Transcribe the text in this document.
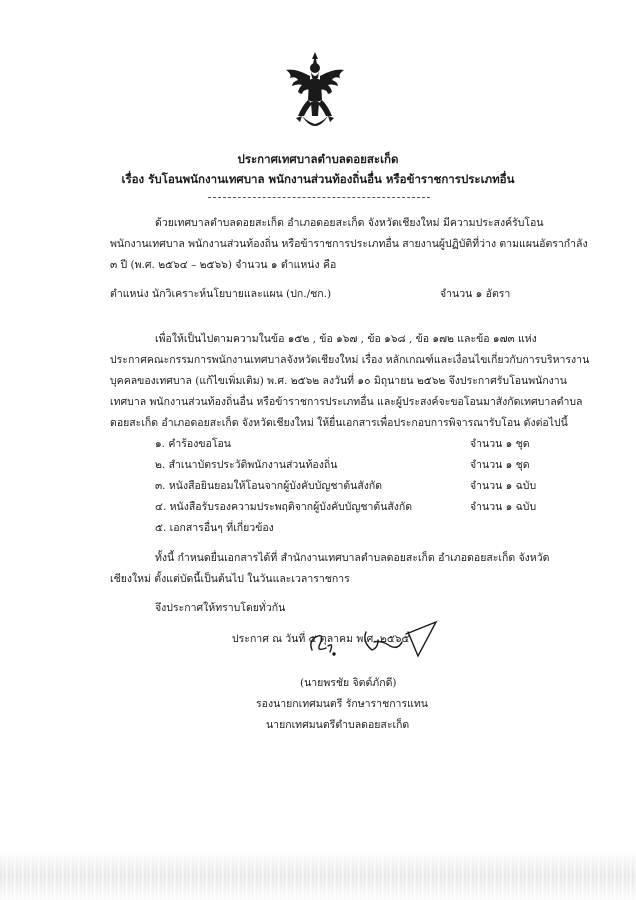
ประกาศเทศบาลตำบลดอยสะเก็ด
เรื่อง รับโอนพนักงานเทศบาล พนักงานส่วนท้องถิ่นอื่น หรือข้าราชการประเภทอื่น
ด้วยเทศบาลตำบลดอยสะเก็ด อำเภอดอยสะเก็ด จังหวัดเชียงใหม่ มีความประสงค์รับโอน
พนักงานเทศบาล พนักงานส่วนท้องถิ่น หรือข้าราชการประเภทอื่น สายงานผู้ปฏิบัติที่ว่าง ตามแผนอัตรากำลัง
๓ ปี (พ.ศ. ๒๕๖๔ – ๒๕๖๖) จำนวน ๑ ตำแหน่ง คือ
ตำแหน่ง นักวิเคราะห์นโยบายและแผน (ปก./ชก.)	จำนวน ๑ อัตรา
เพื่อให้เป็นไปตามความในข้อ ๑๕๒ , ข้อ ๑๖๗ , ข้อ ๑๖๘ , ข้อ ๑๗๒ และข้อ ๑๗๓ แห่ง
ประกาศคณะกรรมการพนักงานเทศบาลจังหวัดเชียงใหม่ เรื่อง หลักเกณฑ์และเงื่อนไขเกี่ยวกับการบริหารงาน
บุคคลของเทศบาล (แก้ไขเพิ่มเติม) พ.ศ. ๒๕๖๒ ลงวันที่ ๑๐ มิถุนายน ๒๕๖๒ จึงประกาศรับโอนพนักงาน
เทศบาล พนักงานส่วนท้องถิ่นอื่น หรือข้าราชการประเภทอื่น และผู้ประสงค์จะขอโอนมาสังกัดเทศบาลตำบล
ดอยสะเก็ด อำเภอดอยสะเก็ด จังหวัดเชียงใหม่ ให้ยื่นเอกสารเพื่อประกอบการพิจารณารับโอน ดังต่อไปนี้
๑. คำร้องขอโอน	จำนวน ๑ ชุด
๒. สำเนาบัตรประวัติพนักงานส่วนท้องถิ่น	จำนวน ๑ ชุด
๓. หนังสือยินยอมให้โอนจากผู้บังคับบัญชาต้นสังกัด	จำนวน ๑ ฉบับ
๔. หนังสือรับรองความประพฤติจากผู้บังคับบัญชาต้นสังกัด	จำนวน ๑ ฉบับ
๕. เอกสารอื่นๆ ที่เกี่ยวข้อง
ทั้งนี้ กำหนดยื่นเอกสารได้ที่ สำนักงานเทศบาลตำบลดอยสะเก็ด อำเภอดอยสะเก็ด จังหวัด
เชียงใหม่ ตั้งแต่บัดนี้เป็นต้นไป ในวันและเวลาราชการ
จึงประกาศให้ทราบโดยทั่วกัน
ประกาศ ณ วันที่ ๕ ตุลาคม พ.ศ. ๒๕๖๕
(นายพรชัย จิตต์ภักดี)
รองนายกเทศมนตรี รักษาราชการแทน
นายกเทศมนตรีตำบลดอยสะเก็ด
